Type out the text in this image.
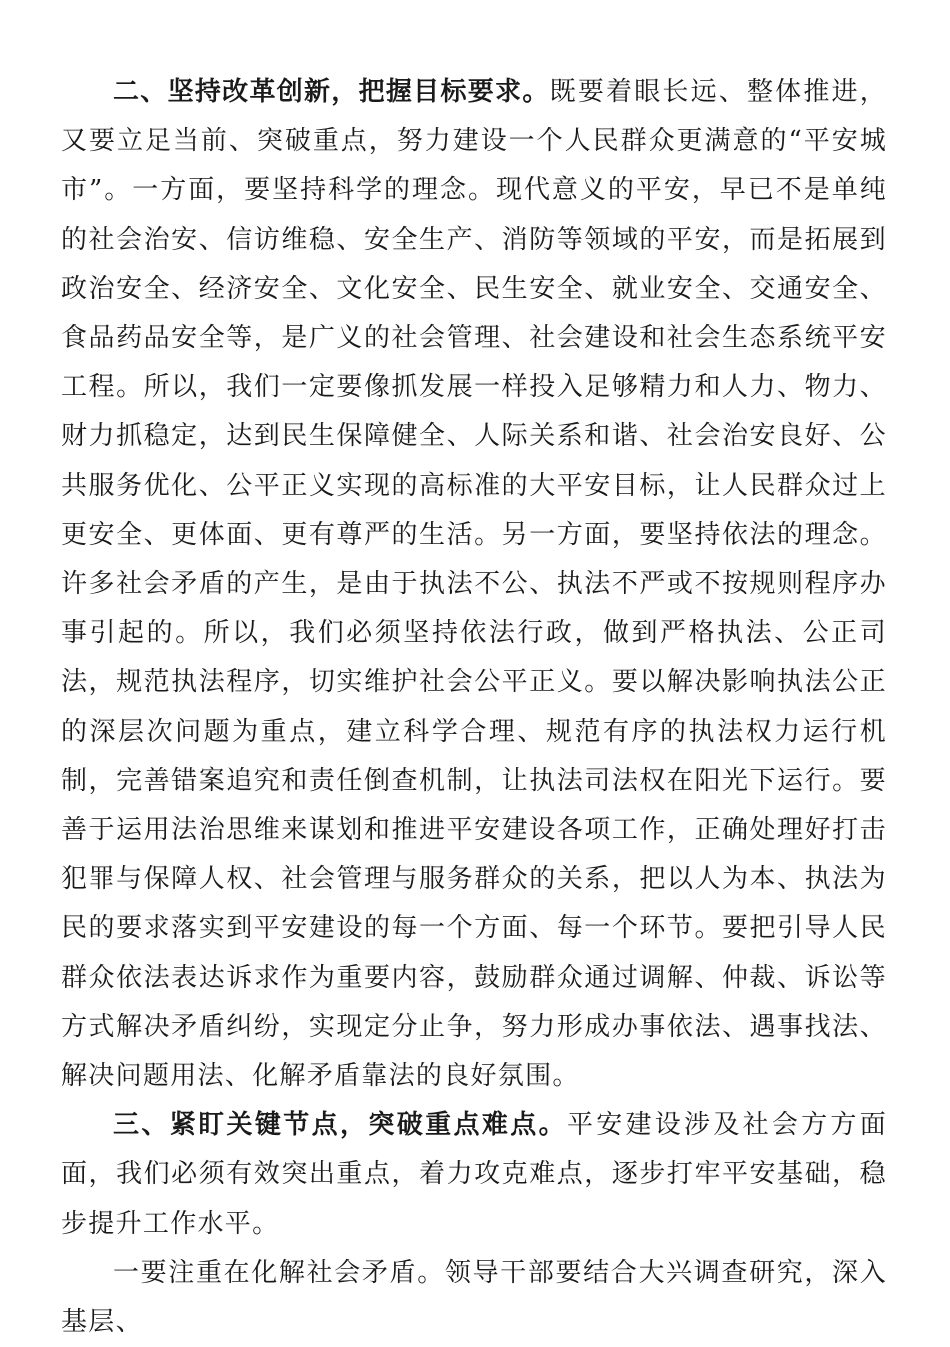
二、坚持改革创新，把握目标要求。既要着眼长远、整体推进，又要立足当前、突破重点，努力建设一个人民群众更满意的“平安城市”。一方面，要坚持科学的理念。现代意义的平安，早已不是单纯的社会治安、信访维稳、安全生产、消防等领域的平安，而是拓展到政治安全、经济安全、文化安全、民生安全、就业安全、交通安全、食品药品安全等，是广义的社会管理、社会建设和社会生态系统平安工程。所以，我们一定要像抓发展一样投入足够精力和人力、物力、财力抓稳定，达到民生保障健全、人际关系和谐、社会治安良好、公共服务优化、公平正义实现的高标准的大平安目标，让人民群众过上更安全、更体面、更有尊严的生活。另一方面，要坚持依法的理念。许多社会矛盾的产生，是由于执法不公、执法不严或不按规则程序办事引起的。所以，我们必须坚持依法行政，做到严格执法、公正司法，规范执法程序，切实维护社会公平正义。要以解决影响执法公正的深层次问题为重点，建立科学合理、规范有序的执法权力运行机制，完善错案追究和责任倒查机制，让执法司法权在阳光下运行。要善于运用法治思维来谋划和推进平安建设各项工作，正确处理好打击犯罪与保障人权、社会管理与服务群众的关系，把以人为本、执法为民的要求落实到平安建设的每一个方面、每一个环节。要把引导人民群众依法表达诉求作为重要内容，鼓励群众通过调解、仲裁、诉讼等方式解决矛盾纠纷，实现定分止争，努力形成办事依法、遇事找法、解决问题用法、化解矛盾靠法的良好氛围。

三、紧盯关键节点，突破重点难点。平安建设涉及社会方方面面，我们必须有效突出重点，着力攻克难点，逐步打牢平安基础，稳步提升工作水平。

一要注重在化解社会矛盾。领导干部要结合大兴调查研究，深入基层、
